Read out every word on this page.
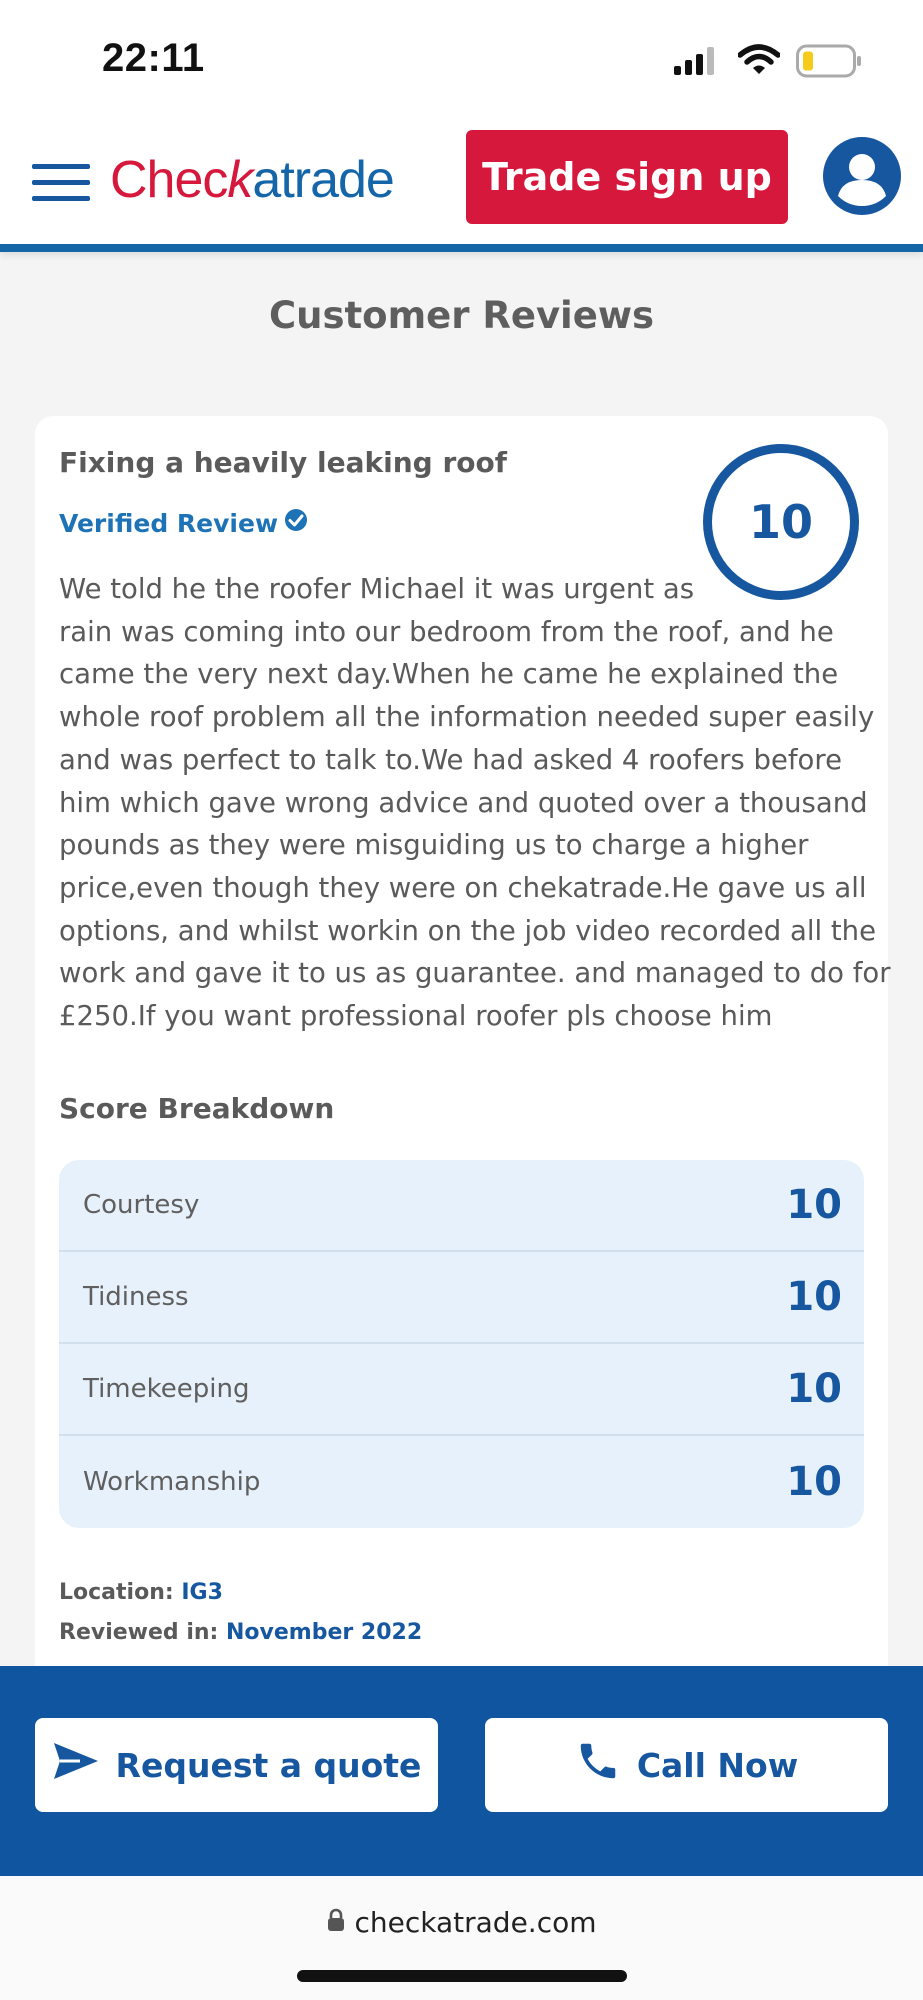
22:11
Checkatrade	Trade sign up
Customer Reviews
Fixing a heavily leaking roof
Verified Review	10
We told he the roofer Michael it was urgent as
rain was coming into our bedroom from the roof, and he
came the very next day.When he came he explained the
whole roof problem all the information needed super easily
and was perfect to talk to.We had asked 4 roofers before
him which gave wrong advice and quoted over a thousand
pounds as they were misguiding us to charge a higher
price,even though they were on chekatrade.He gave us all
options, and whilst workin on the job video recorded all the
work and gave it to us as guarantee. and managed to do for
£250.If you want professional roofer pls choose him
Score Breakdown
Courtesy	10
Tidiness	10
Timekeeping	10
Workmanship	10
Location: IG3
Reviewed in: November 2022
Request a quote	Call Now
checkatrade.com
